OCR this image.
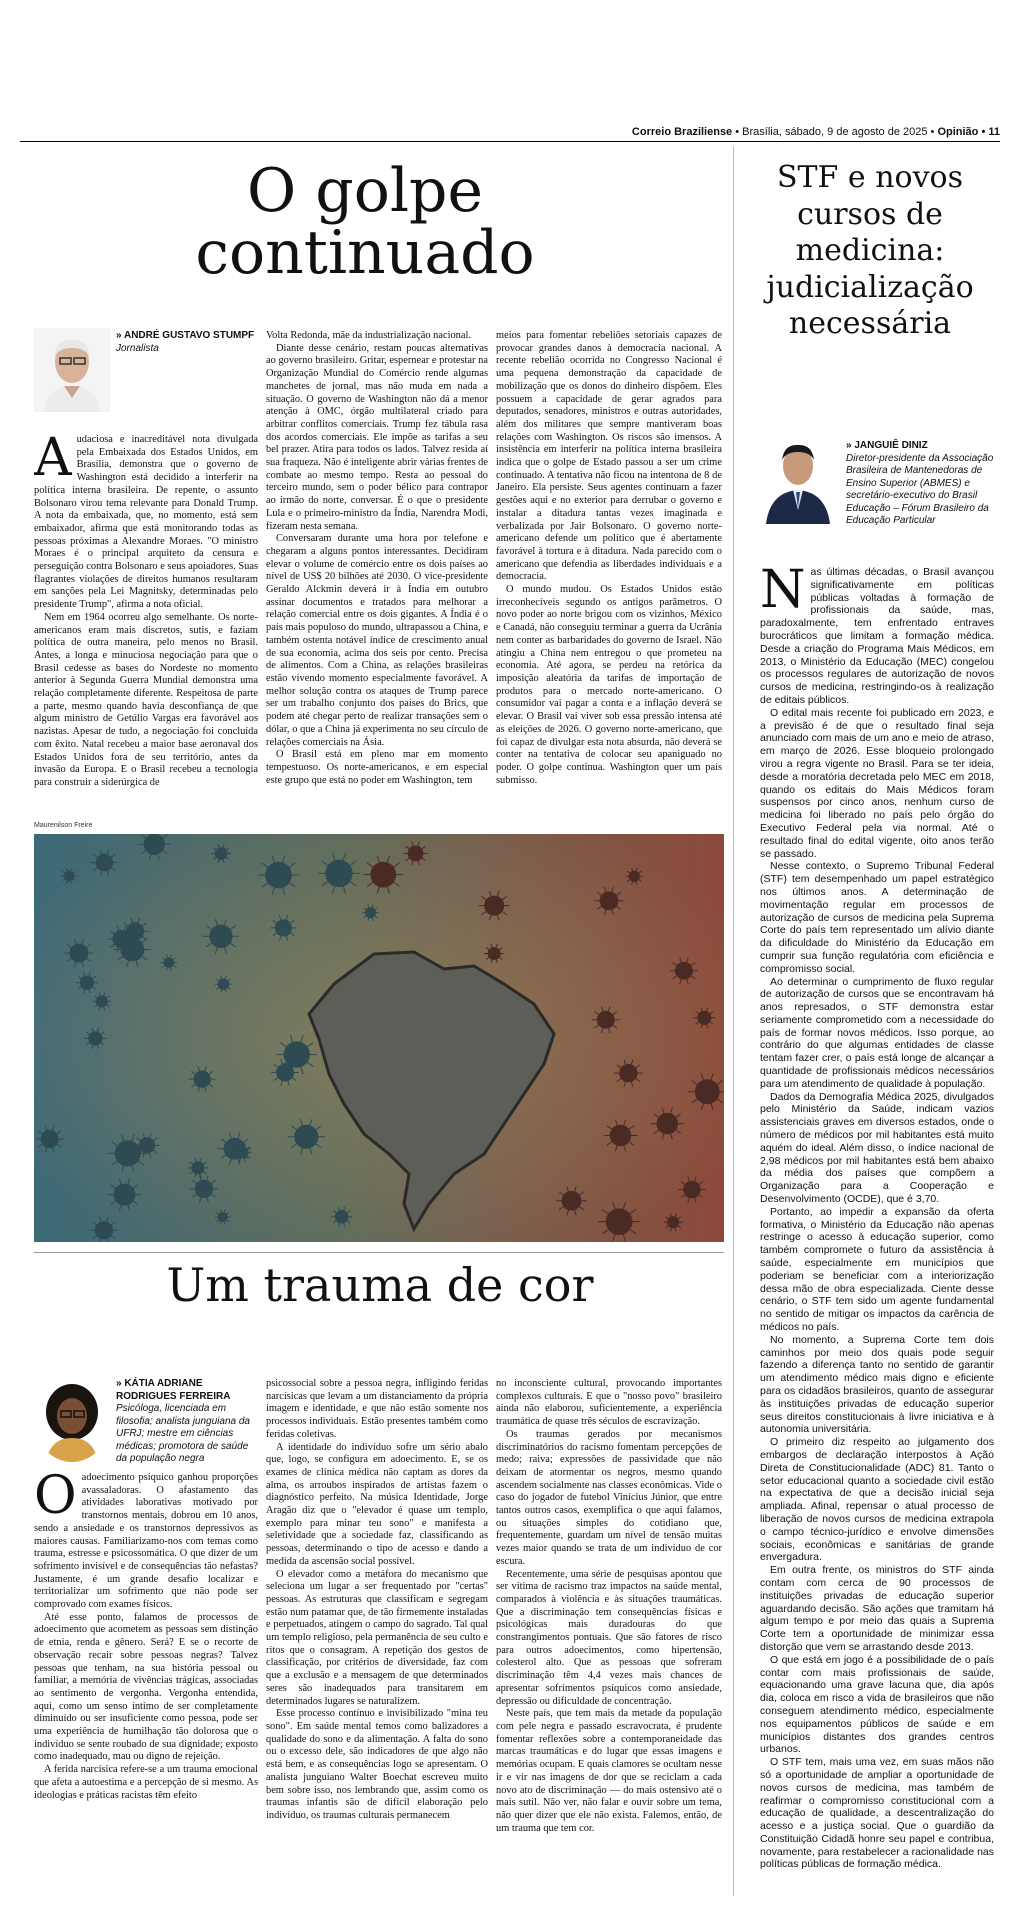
Correio Braziliense • Brasília, sábado, 9 de agosto de 2025 • Opinião • 11
O golpe
continuado
» ANDRÉ GUSTAVO STUMPF
Jornalista
A udaciosa e inacreditável nota divulgada pela Embaixada dos Estados Unidos, em Brasília, demonstra que o governo de Washington está decidido a interferir na política interna brasileira. De repente, o assunto Bolsonaro virou tema relevante para Donald Trump. A nota da embaixada, que, no momento, está sem embaixador, afirma que está monitorando todas as pessoas próximas a Alexandre Moraes. "O ministro Moraes é o principal arquiteto da censura e perseguição contra Bolsonaro e seus apoiadores. Suas flagrantes violações de direitos humanos resultaram em sanções pela Lei Magnitsky, determinadas pelo presidente Trump", afirma a nota oficial.

Nem em 1964 ocorreu algo semelhante. Os norte-americanos eram mais discretos, sutis, e faziam política de outra maneira, pelo menos no Brasil. Antes, a longa e minuciosa negociação para que o Brasil cedesse as bases do Nordeste no momento anterior à Segunda Guerra Mundial demonstra uma relação completamente diferente. Respeitosa de parte a parte, mesmo quando havia desconfiança de que algum ministro de Getúlio Vargas era favorável aos nazistas. Apesar de tudo, a negociação foi concluída com êxito. Natal recebeu a maior base aeronaval dos Estados Unidos fora de seu território, antes da invasão da Europa. E o Brasil recebeu a tecnologia para construir a siderúrgica de

Volta Redonda, mãe da industrialização nacional.

Diante desse cenário, restam poucas alternativas ao governo brasileiro. Gritar, espernear e protestar na Organização Mundial do Comércio rende algumas manchetes de jornal, mas não muda em nada a situação. O governo de Washington não dá a menor atenção à OMC, órgão multilateral criado para arbitrar conflitos comerciais. Trump fez tábula rasa dos acordos comerciais. Ele impõe as tarifas a seu bel prazer. Atira para todos os lados. Talvez resida aí sua fraqueza. Não é inteligente abrir várias frentes de combate ao mesmo tempo. Resta ao pessoal do terceiro mundo, sem o poder bélico para contrapor ao irmão do norte, conversar. É o que o presidente Lula e o primeiro-ministro da Índia, Narendra Modi, fizeram nesta semana.

Conversaram durante uma hora por telefone e chegaram a alguns pontos interessantes. Decidiram elevar o volume de comércio entre os dois países ao nível de US$ 20 bilhões até 2030. O vice-presidente Geraldo Alckmin deverá ir à Índia em outubro assinar documentos e tratados para melhorar a relação comercial entre os dois gigantes. A Índia é o país mais populoso do mundo, ultrapassou a China, e também ostenta notável índice de crescimento anual de sua economia, acima dos seis por cento. Precisa de alimentos. Com a China, as relações brasileiras estão vivendo momento especialmente favorável. A melhor solução contra os ataques de Trump parece ser um trabalho conjunto dos países do Brics, que podem até chegar perto de realizar transações sem o dólar, o que a China já experimenta no seu círculo de relações comerciais na Ásia.

O Brasil está em pleno mar em momento tempestuoso. Os norte-americanos, e em especial este grupo que está no poder em Washington, tem

meios para fomentar rebeliões setoriais capazes de provocar grandes danos à democracia nacional. A recente rebelião ocorrida no Congresso Nacional é uma pequena demonstração da capacidade de mobilização que os donos do dinheiro dispõem. Eles possuem a capacidade de gerar agrados para deputados, senadores, ministros e outras autoridades, além dos militares que sempre mantiveram boas relações com Washington. Os riscos são imensos. A insistência em interferir na política interna brasileira indica que o golpe de Estado passou a ser um crime continuado. A tentativa não ficou na intentona de 8 de Janeiro. Ela persiste. Seus agentes continuam a fazer gestões aqui e no exterior para derrubar o governo e instalar a ditadura tantas vezes imaginada e verbalizada por Jair Bolsonaro. O governo norte-americano defende um político que é abertamente favorável à tortura e à ditadura. Nada parecido com o americano que defendia as liberdades individuais e a democracia.

O mundo mudou. Os Estados Unidos estão irreconhecíveis segundo os antigos parâmetros. O novo poder ao norte brigou com os vizinhos, México e Canadá, não conseguiu terminar a guerra da Ucrânia nem conter as barbaridades do governo de Israel. Não atingiu a China nem entregou o que prometeu na economia. Até agora, se perdeu na retórica da imposição aleatória da tarifas de importação de produtos para o mercado norte-americano. O consumidor vai pagar a conta e a inflação deverá se elevar. O Brasil vai viver sob essa pressão intensa até as eleições de 2026. O governo norte-americano, que foi capaz de divulgar esta nota absurda, não deverá se conter na tentativa de colocar seu apaniguado no poder. O golpe continua. Washington quer um país submisso.

Maurenilson Freire
Um trauma de cor
» KÁTIA ADRIANE
RODRIGUES FERREIRA
Psicóloga, licenciada em filosofia; analista junguiana da UFRJ; mestre em ciências médicas; promotora de saúde da população negra
O adoecimento psíquico ganhou proporções avassaladoras. O afastamento das atividades laborativas motivado por transtornos mentais, dobrou em 10 anos, sendo a ansiedade e os transtornos depressivos as maiores causas. Familiarizamo-nos com temas como trauma, estresse e psicossomática. O que dizer de um sofrimento invisível e de consequências tão nefastas? Justamente, é um grande desafio localizar e territorializar um sofrimento que não pode ser comprovado com exames físicos.

Até esse ponto, falamos de processos de adoecimento que acometem as pessoas sem distinção de etnia, renda e gênero. Será? E se o recorte de observação recair sobre pessoas negras? Talvez pessoas que tenham, na sua história pessoal ou familiar, a memória de vivências trágicas, associadas ao sentimento de vergonha. Vergonha entendida, aqui, como um senso íntimo de ser completamente diminuído ou ser insuficiente como pessoa, pode ser uma experiência de humilhação tão dolorosa que o indivíduo se sente roubado de sua dignidade; exposto como inadequado, mau ou digno de rejeição.

A ferida narcísica refere-se a um trauma emocional que afeta a autoestima e a percepção de si mesmo. As ideologias e práticas racistas têm efeito

psicossocial sobre a pessoa negra, infligindo feridas narcísicas que levam a um distanciamento da própria imagem e identidade, e que não estão somente nos processos individuais. Estão presentes também como feridas coletivas.

A identidade do indivíduo sofre um sério abalo que, logo, se configura em adoecimento. E, se os exames de clínica médica não captam as dores da alma, os arroubos inspirados de artistas fazem o diagnóstico perfeito. Na música Identidade, Jorge Aragão diz que o "elevador é quase um templo, exemplo para minar teu sono" e manifesta a seletividade que a sociedade faz, classificando as pessoas, determinando o tipo de acesso e dando a medida da ascensão social possível.

O elevador como a metáfora do mecanismo que seleciona um lugar a ser frequentado por "certas" pessoas. As estruturas que classificam e segregam estão num patamar que, de tão firmemente instaladas e perpetuados, atingem o campo do sagrado. Tal qual um templo religioso, pela permanência de seu culto e ritos que o consagram. A repetição dos gestos de classificação, por critérios de diversidade, faz com que a exclusão e a mensagem de que determinados seres são inadequados para transitarem em determinados lugares se naturalizem.

Esse processo contínuo e invisibilizado "mina teu sono". Em saúde mental temos como balizadores a qualidade do sono e da alimentação. A falta do sono ou o excesso dele, são indicadores de que algo não está bem, e as consequências logo se apresentam. O analista junguiano Walter Boechat escreveu muito bem sobre isso, nos lembrando que, assim como os traumas infantis são de difícil elaboração pelo indivíduo, os traumas culturais permanecem

no inconsciente cultural, provocando importantes complexos culturais. E que o "nosso povo" brasileiro ainda não elaborou, suficientemente, a experiência traumática de quase três séculos de escravização.

Os traumas gerados por mecanismos discriminatórios do racismo fomentam percepções de medo; raiva; expressões de passividade que não deixam de atormentar os negros, mesmo quando ascendem socialmente nas classes econômicas. Vide o caso do jogador de futebol Vinícius Júnior, que entre tantos outros casos, exemplifica o que aqui falamos, ou situações simples do cotidiano que, frequentemente, guardam um nível de tensão muitas vezes maior quando se trata de um indivíduo de cor escura.

Recentemente, uma série de pesquisas apontou que ser vítima de racismo traz impactos na saúde mental, comparados à violência e às situações traumáticas. Que a discriminação tem consequências físicas e psicológicas mais duradouras do que constrangimentos pontuais. Que são fatores de risco para outros adoecimentos, como hipertensão, colesterol alto. Que as pessoas que sofreram discriminação têm 4,4 vezes mais chances de apresentar sofrimentos psíquicos como ansiedade, depressão ou dificuldade de concentração.

Neste país, que tem mais da metade da população com pele negra e passado escravocrata, é prudente fomentar reflexões sobre a contemporaneidade das marcas traumáticas e do lugar que essas imagens e memórias ocupam. E quais clamores se ocultam nesse ir e vir nas imagens de dor que se reciclam a cada novo ato de discriminação — do mais ostensivo até o mais sutil. Não ver, não falar e ouvir sobre um tema, não quer dizer que ele não exista. Falemos, então, de um trauma que tem cor.

STF e novos
cursos de
medicina:
judicialização
necessária
» JANGUIÊ DINIZ
Diretor-presidente da Associação Brasileira de Mantenedoras de Ensino Superior (ABMES) e secretário-executivo do Brasil Educação – Fórum Brasileiro da Educação Particular
N as últimas décadas, o Brasil avançou significativamente em políticas públicas voltadas à formação de profissionais da saúde, mas, paradoxalmente, tem enfrentado entraves burocráticos que limitam a formação médica. Desde a criação do Programa Mais Médicos, em 2013, o Ministério da Educação (MEC) congelou os processos regulares de autorização de novos cursos de medicina, restringindo-os à realização de editais públicos.

O edital mais recente foi publicado em 2023, e a previsão é de que o resultado final seja anunciado com mais de um ano e meio de atraso, em março de 2026. Esse bloqueio prolongado virou a regra vigente no Brasil. Para se ter ideia, desde a moratória decretada pelo MEC em 2018, quando os editais do Mais Médicos foram suspensos por cinco anos, nenhum curso de medicina foi liberado no país pelo órgão do Executivo Federal pela via normal. Até o resultado final do edital vigente, oito anos terão se passado.

Nesse contexto, o Supremo Tribunal Federal (STF) tem desempenhado um papel estratégico nos últimos anos. A determinação de movimentação regular em processos de autorização de cursos de medicina pela Suprema Corte do país tem representado um alívio diante da dificuldade do Ministério da Educação em cumprir sua função regulatória com eficiência e compromisso social.

Ao determinar o cumprimento de fluxo regular de autorização de cursos que se encontravam há anos represados, o STF demonstra estar seriamente comprometido com a necessidade do país de formar novos médicos. Isso porque, ao contrário do que algumas entidades de classe tentam fazer crer, o país está longe de alcançar a quantidade de profissionais médicos necessários para um atendimento de qualidade à população.

Dados da Demografia Médica 2025, divulgados pelo Ministério da Saúde, indicam vazios assistenciais graves em diversos estados, onde o número de médicos por mil habitantes está muito aquém do ideal. Além disso, o índice nacional de 2,98 médicos por mil habitantes está bem abaixo da média dos países que compõem a Organização para a Cooperação e Desenvolvimento (OCDE), que é 3,70.

Portanto, ao impedir a expansão da oferta formativa, o Ministério da Educação não apenas restringe o acesso à educação superior, como também compromete o futuro da assistência à saúde, especialmente em municípios que poderiam se beneficiar com a interiorização dessa mão de obra especializada. Ciente desse cenário, o STF tem sido um agente fundamental no sentido de mitigar os impactos da carência de médicos no país.

No momento, a Suprema Corte tem dois caminhos por meio dos quais pode seguir fazendo a diferença tanto no sentido de garantir um atendimento médico mais digno e eficiente para os cidadãos brasileiros, quanto de assegurar às instituições privadas de educação superior seus direitos constitucionais à livre iniciativa e à autonomia universitária.

O primeiro diz respeito ao julgamento dos embargos de declaração interpostos à Ação Direta de Constitucionalidade (ADC) 81. Tanto o setor educacional quanto a sociedade civil estão na expectativa de que a decisão inicial seja ampliada. Afinal, repensar o atual processo de liberação de novos cursos de medicina extrapola o campo técnico-jurídico e envolve dimensões sociais, econômicas e sanitárias de grande envergadura.

Em outra frente, os ministros do STF ainda contam com cerca de 90 processos de instituições privadas de educação superior aguardando decisão. São ações que tramitam há algum tempo e por meio das quais a Suprema Corte tem a oportunidade de minimizar essa distorção que vem se arrastando desde 2013.

O que está em jogo é a possibilidade de o país contar com mais profissionais de saúde, equacionando uma grave lacuna que, dia após dia, coloca em risco a vida de brasileiros que não conseguem atendimento médico, especialmente nos equipamentos públicos de saúde e em municípios distantes dos grandes centros urbanos.

O STF tem, mais uma vez, em suas mãos não só a oportunidade de ampliar a oportunidade de novos cursos de medicina, mas também de reafirmar o compromisso constitucional com a educação de qualidade, a descentralização do acesso e a justiça social. Que o guardião da Constituição Cidadã honre seu papel e contribua, novamente, para restabelecer a racionalidade nas políticas públicas de formação médica.
